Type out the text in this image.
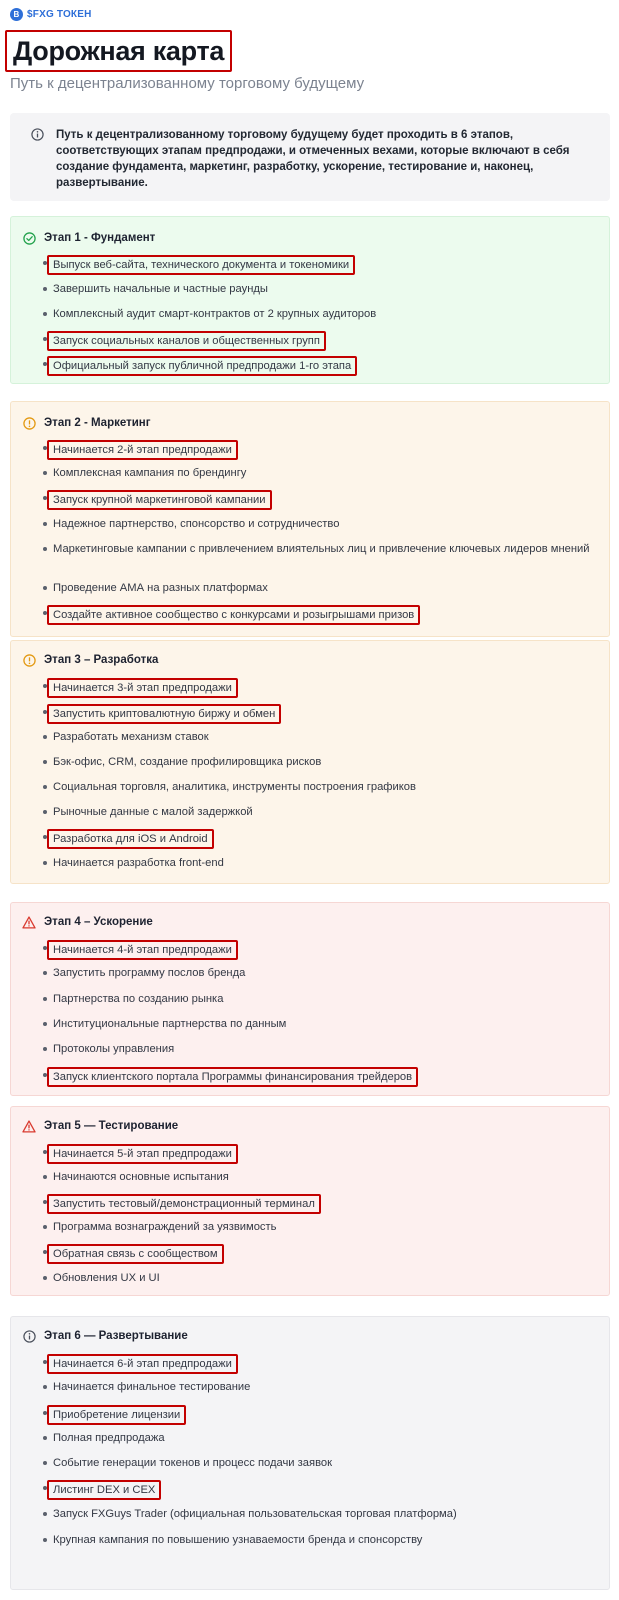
B $FXG ТОКЕН
Дорожная карта
Путь к децентрализованному торговому будущему
Путь к децентрализованному торговому будущему будет проходить в 6 этапов, соответствующих этапам предпродажи, и отмеченных вехами, которые включают в себя создание фундамента, маркетинг, разработку, ускорение, тестирование и, наконец, развертывание.
Этап 1 - Фундамент
Выпуск веб-сайта, технического документа и токеномики
Завершить начальные и частные раунды
Комплексный аудит смарт-контрактов от 2 крупных аудиторов
Запуск социальных каналов и общественных групп
Официальный запуск публичной предпродажи 1-го этапа
Этап 2 - Маркетинг
Начинается 2-й этап предпродажи
Комплексная кампания по брендингу
Запуск крупной маркетинговой кампании
Надежное партнерство, спонсорство и сотрудничество
Маркетинговые кампании с привлечением влиятельных лиц и привлечение ключевых лидеров мнений
Проведение АМА на разных платформах
Создайте активное сообщество с конкурсами и розыгрышами призов
Этап 3 – Разработка
Начинается 3-й этап предпродажи
Запустить криптовалютную биржу и обмен
Разработать механизм ставок
Бэк-офис, CRM, создание профилировщика рисков
Социальная торговля, аналитика, инструменты построения графиков
Рыночные данные с малой задержкой
Разработка для iOS и Android
Начинается разработка front-end
Этап 4 – Ускорение
Начинается 4-й этап предпродажи
Запустить программу послов бренда
Партнерства по созданию рынка
Институциональные партнерства по данным
Протоколы управления
Запуск клиентского портала Программы финансирования трейдеров
Этап 5 — Тестирование
Начинается 5-й этап предпродажи
Начинаются основные испытания
Запустить тестовый/демонстрационный терминал
Программа вознаграждений за уязвимость
Обратная связь с сообществом
Обновления UX и UI
Этап 6 — Развертывание
Начинается 6-й этап предпродажи
Начинается финальное тестирование
Приобретение лицензии
Полная предпродажа
Событие генерации токенов и процесс подачи заявок
Листинг DEX и CEX
Запуск FXGuys Trader (официальная пользовательская торговая платформа)
Крупная кампания по повышению узнаваемости бренда и спонсорству
